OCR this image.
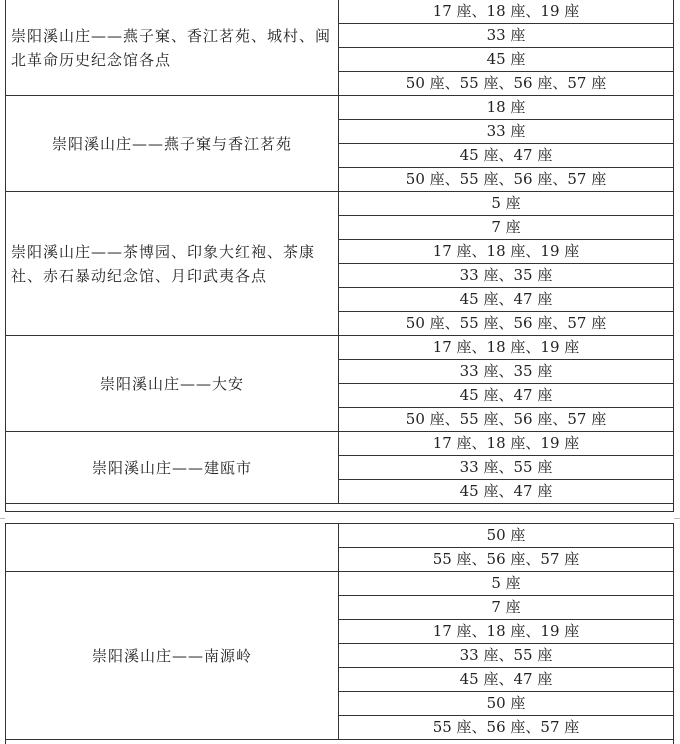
崇阳溪山庄——燕子窠、香江茗苑、城村、闽北革命历史纪念馆各点	17 座、18 座、19 座
	33 座
	45 座
	50 座、55 座、56 座、57 座
崇阳溪山庄——燕子窠与香江茗苑	18 座
	33 座
	45 座、47 座
	50 座、55 座、56 座、57 座
崇阳溪山庄——茶博园、印象大红袍、茶康社、赤石暴动纪念馆、月印武夷各点	5 座
	7 座
	17 座、18 座、19 座
	33 座、35 座
	45 座、47 座
	50 座、55 座、56 座、57 座
崇阳溪山庄——大安	17 座、18 座、19 座
	33 座、35 座
	45 座、47 座
	50 座、55 座、56 座、57 座
崇阳溪山庄——建瓯市	17 座、18 座、19 座
	33 座、55 座
	45 座、47 座
	50 座
	55 座、56 座、57 座
崇阳溪山庄——南源岭	5 座
	7 座
	17 座、18 座、19 座
	33 座、55 座
	45 座、47 座
	50 座
	55 座、56 座、57 座
